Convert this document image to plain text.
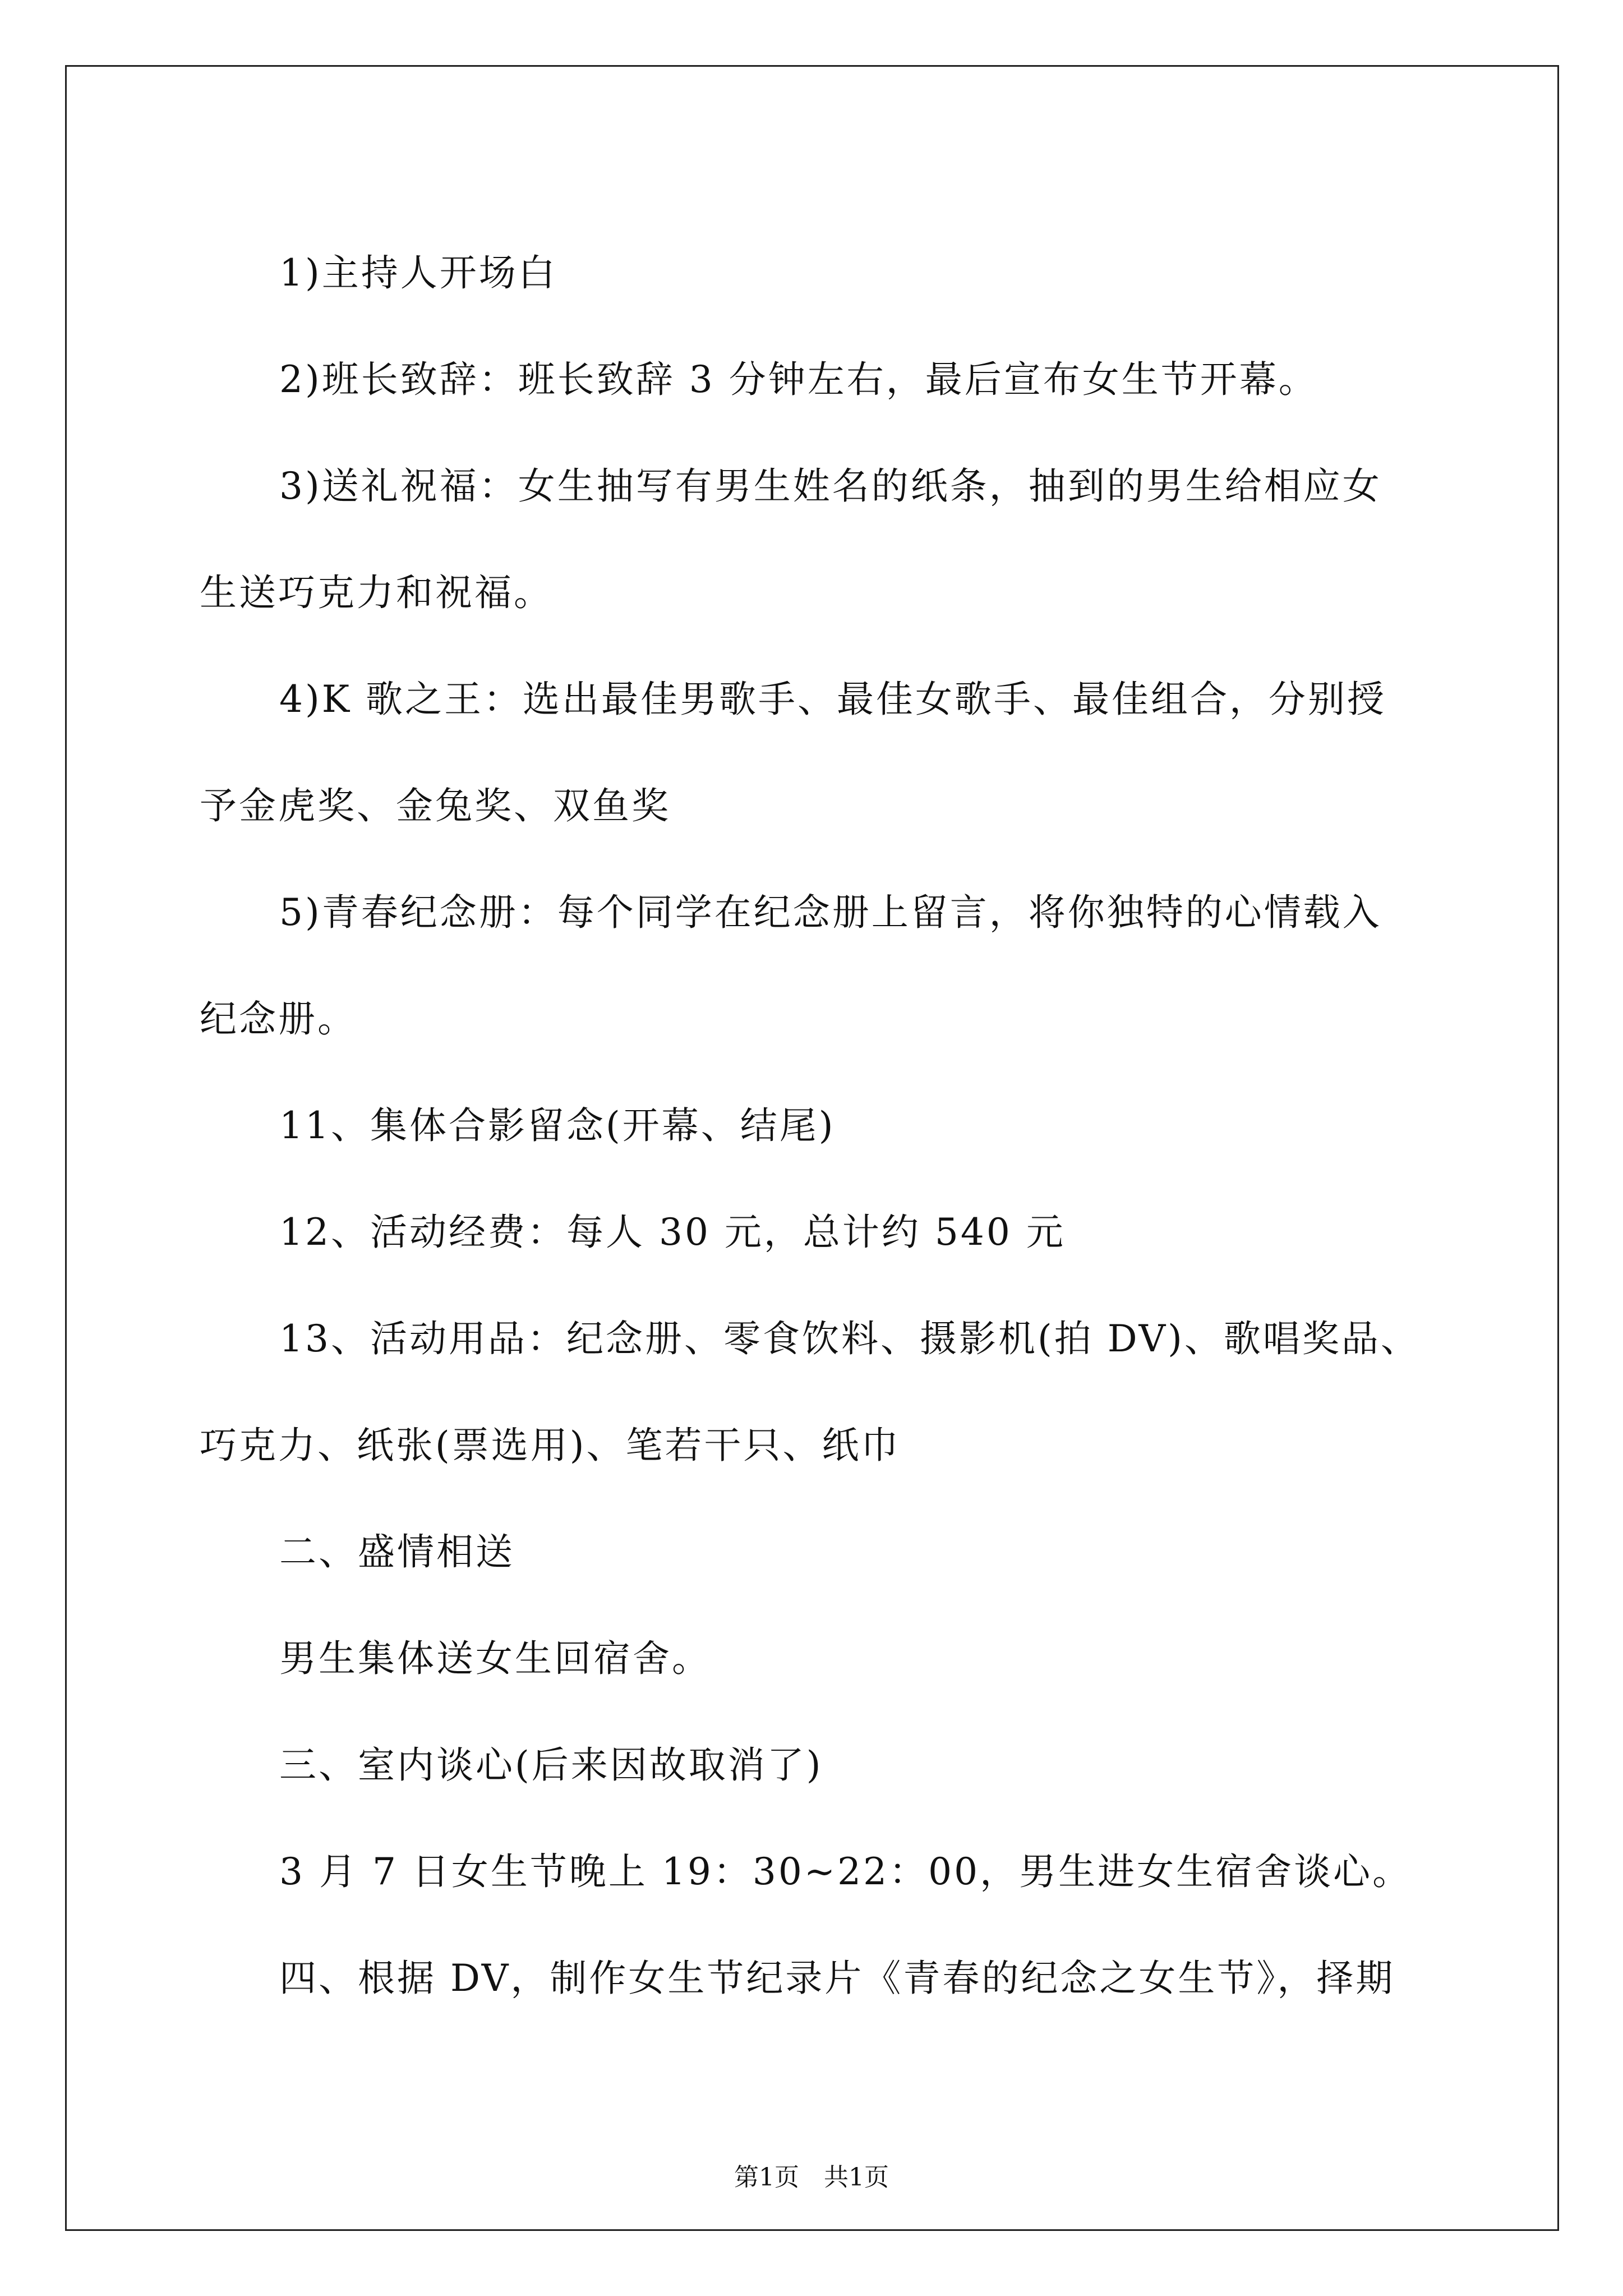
1)主持人开场白

2)班长致辞：班长致辞 3 分钟左右，最后宣布女生节开幕。

3)送礼祝福：女生抽写有男生姓名的纸条，抽到的男生给相应女

生送巧克力和祝福。

4)K 歌之王：选出最佳男歌手、最佳女歌手、最佳组合，分别授

予金虎奖、金兔奖、双鱼奖

5)青春纪念册：每个同学在纪念册上留言，将你独特的心情载入

纪念册。

11、集体合影留念(开幕、结尾)

12、活动经费：每人 30 元，总计约 540 元

13、活动用品：纪念册、零食饮料、摄影机(拍 DV)、歌唱奖品、

巧克力、纸张(票选用)、笔若干只、纸巾

二、盛情相送

男生集体送女生回宿舍。

三、室内谈心(后来因故取消了)

3 月 7 日女生节晚上 19：30~22：00，男生进女生宿舍谈心。

四、根据 DV，制作女生节纪录片《青春的纪念之女生节》，择期

第1页　共1页
